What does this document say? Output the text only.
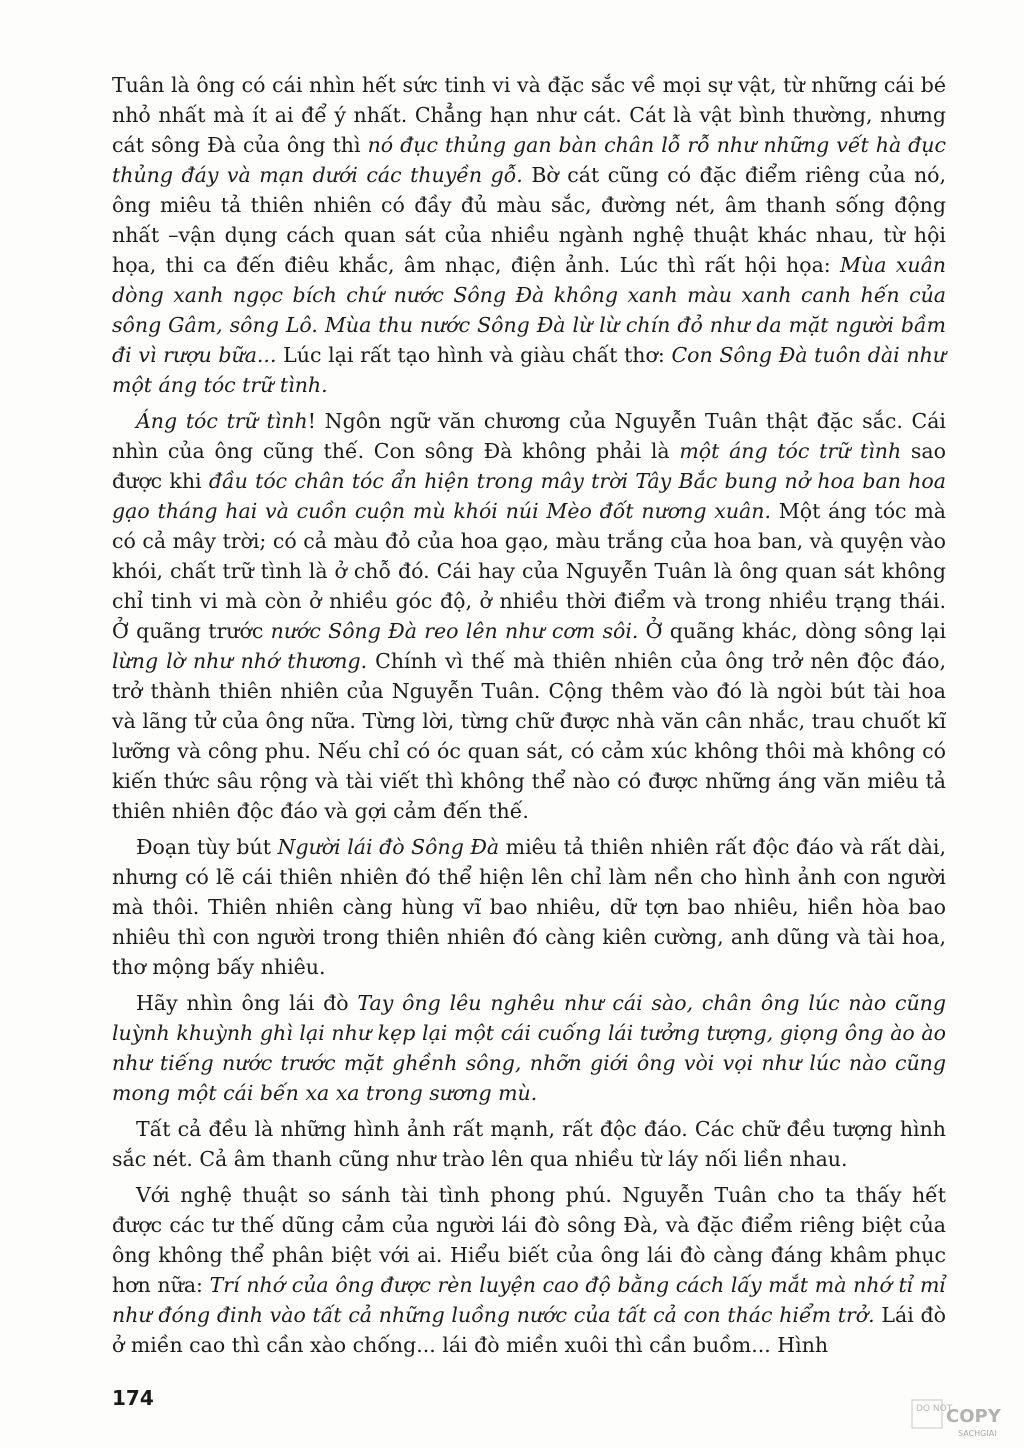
Tuân là ông có cái nhìn hết sức tinh vi và đặc sắc về mọi sự vật, từ những cái bé nhỏ nhất mà ít ai để ý nhất. Chẳng hạn như cát. Cát là vật bình thường, nhưng cát sông Đà của ông thì nó đục thủng gan bàn chân lỗ rỗ như những vết hà đục thủng đáy và mạn dưới các thuyền gỗ. Bờ cát cũng có đặc điểm riêng của nó, ông miêu tả thiên nhiên có đầy đủ màu sắc, đường nét, âm thanh sống động nhất –vận dụng cách quan sát của nhiều ngành nghệ thuật khác nhau, từ hội họa, thi ca đến điêu khắc, âm nhạc, điện ảnh. Lúc thì rất hội họa: Mùa xuân dòng xanh ngọc bích chứ nước Sông Đà không xanh màu xanh canh hến của sông Gâm, sông Lô. Mùa thu nước Sông Đà lừ lừ chín đỏ như da mặt người bầm đi vì rượu bữa... Lúc lại rất tạo hình và giàu chất thơ: Con Sông Đà tuôn dài như một áng tóc trữ tình.

Áng tóc trữ tình! Ngôn ngữ văn chương của Nguyễn Tuân thật đặc sắc. Cái nhìn của ông cũng thế. Con sông Đà không phải là một áng tóc trữ tình sao được khi đầu tóc chân tóc ẩn hiện trong mây trời Tây Bắc bung nở hoa ban hoa gạo tháng hai và cuồn cuộn mù khói núi Mèo đốt nương xuân. Một áng tóc mà có cả mây trời; có cả màu đỏ của hoa gạo, màu trắng của hoa ban, và quyện vào khói, chất trữ tình là ở chỗ đó. Cái hay của Nguyễn Tuân là ông quan sát không chỉ tinh vi mà còn ở nhiều góc độ, ở nhiều thời điểm và trong nhiều trạng thái. Ở quãng trước nước Sông Đà reo lên như cơm sôi. Ở quãng khác, dòng sông lại lừng lờ như nhớ thương. Chính vì thế mà thiên nhiên của ông trở nên độc đáo, trở thành thiên nhiên của Nguyễn Tuân. Cộng thêm vào đó là ngòi bút tài hoa và lãng tử của ông nữa. Từng lời, từng chữ được nhà văn cân nhắc, trau chuốt kĩ lưỡng và công phu. Nếu chỉ có óc quan sát, có cảm xúc không thôi mà không có kiến thức sâu rộng và tài viết thì không thể nào có được những áng văn miêu tả thiên nhiên độc đáo và gợi cảm đến thế.

Đoạn tùy bút Người lái đò Sông Đà miêu tả thiên nhiên rất độc đáo và rất dài, nhưng có lẽ cái thiên nhiên đó thể hiện lên chỉ làm nền cho hình ảnh con người mà thôi. Thiên nhiên càng hùng vĩ bao nhiêu, dữ tợn bao nhiêu, hiền hòa bao nhiêu thì con người trong thiên nhiên đó càng kiên cường, anh dũng và tài hoa, thơ mộng bấy nhiêu.

Hãy nhìn ông lái đò Tay ông lêu nghêu như cái sào, chân ông lúc nào cũng luỳnh khuỳnh ghì lại như kẹp lại một cái cuống lái tưởng tượng, giọng ông ào ào như tiếng nước trước mặt ghềnh sông, nhỡn giới ông vòi vọi như lúc nào cũng mong một cái bến xa xa trong sương mù.

Tất cả đều là những hình ảnh rất mạnh, rất độc đáo. Các chữ đều tượng hình sắc nét. Cả âm thanh cũng như trào lên qua nhiều từ láy nối liền nhau.

Với nghệ thuật so sánh tài tình phong phú. Nguyễn Tuân cho ta thấy hết được các tư thế dũng cảm của người lái đò sông Đà, và đặc điểm riêng biệt của ông không thể phân biệt với ai. Hiểu biết của ông lái đò càng đáng khâm phục hơn nữa: Trí nhớ của ông được rèn luyện cao độ bằng cách lấy mắt mà nhớ tỉ mỉ như đóng đinh vào tất cả những luồng nước của tất cả con thác hiểm trở. Lái đò ở miền cao thì cần xào chống... lái đò miền xuôi thì cần buồm... Hình

174	DO NOT
COPY
SACHGIAI
